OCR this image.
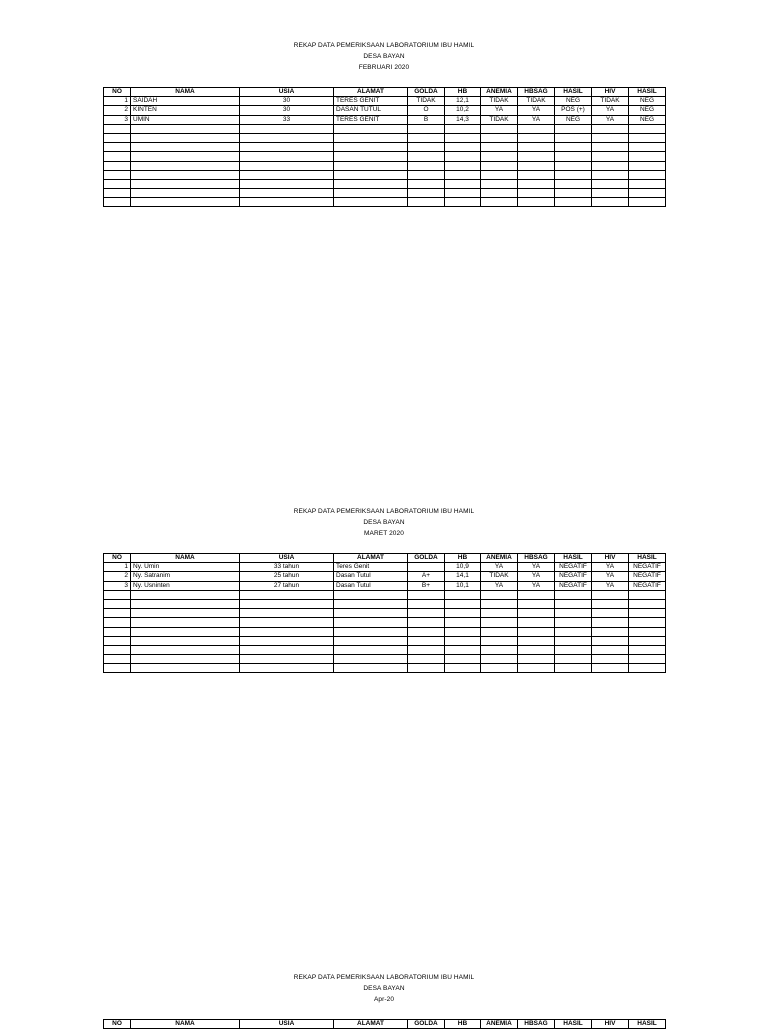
REKAP DATA PEMERIKSAAN LABORATORIUM IBU HAMIL
DESA BAYAN
FEBRUARI 2020
NO	NAMA	USIA	ALAMAT	GOLDA	HB	ANEMIA	HBSAG	HASIL	HIV	HASIL
1	SAIDAH	30	TERES GENIT	TIDAK	12,1	TIDAK	TIDAK	NEG	TIDAK	NEG
2	KINTEN	30	DASAN TUTUL	O	10,2	YA	YA	POS (+)	YA	NEG
3	UMIN	33	TERES GENIT	B	14,3	TIDAK	YA	NEG	YA	NEG

REKAP DATA PEMERIKSAAN LABORATORIUM IBU HAMIL
DESA BAYAN
MARET 2020
NO	NAMA	USIA	ALAMAT	GOLDA	HB	ANEMIA	HBSAG	HASIL	HIV	HASIL
1	Ny. Umin	33 tahun	Teres Genit		10,9	YA	YA	NEGATIF	YA	NEGATIF
2	Ny. Satranim	25 tahun	Dasan Tutul	A+	14,1	TIDAK	YA	NEGATIF	YA	NEGATIF
3	Ny. Usninten	27 tahun	Dasan Tutul	B+	10,1	YA	YA	NEGATIF	YA	NEGATIF

REKAP DATA PEMERIKSAAN LABORATORIUM IBU HAMIL
DESA BAYAN
Apr-20
NO	NAMA	USIA	ALAMAT	GOLDA	HB	ANEMIA	HBSAG	HASIL	HIV	HASIL
